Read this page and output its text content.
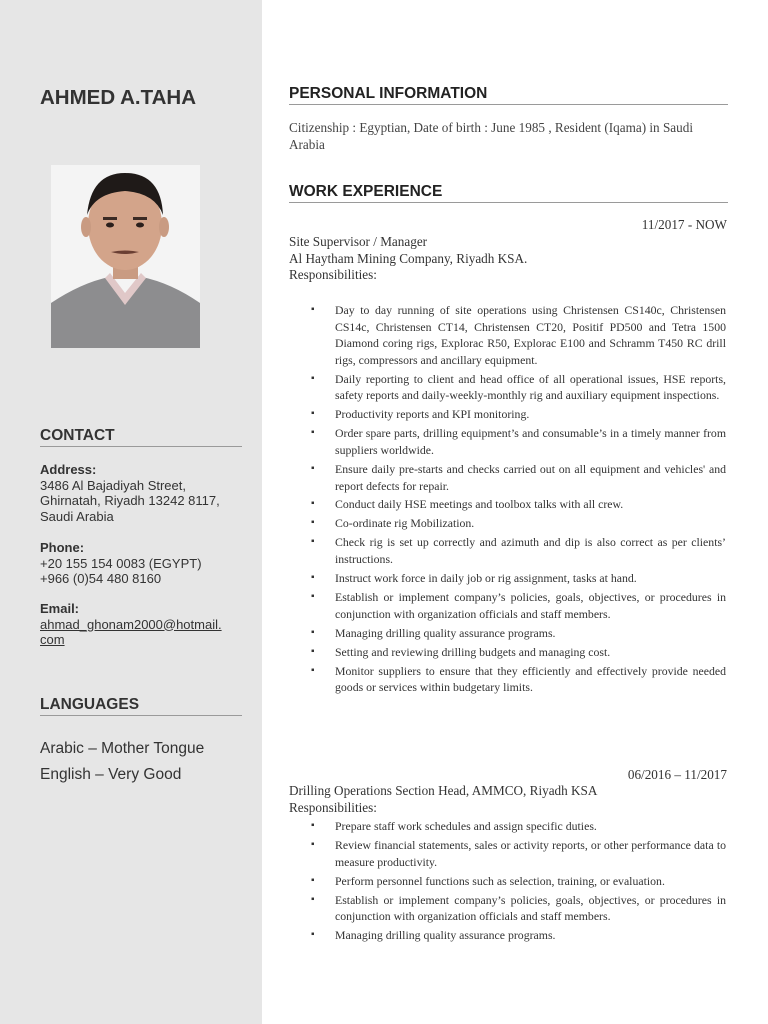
AHMED A.TAHA
CONTACT
Address:
3486 Al Bajadiyah Street,
Ghirnatah, Riyadh 13242 8117,
Saudi Arabia
Phone:
+20 155 154 0083 (EGYPT)
+966 (0)54 480 8160
Email:
ahmad_ghonam2000@hotmail.
com
LANGUAGES
Arabic – Mother Tongue
English – Very Good
PERSONAL INFORMATION

Citizenship : Egyptian, Date of birth : June 1985 , Resident (Iqama) in Saudi Arabia

WORK EXPERIENCE
11/2017 - NOW
Site Supervisor / Manager
Al Haytham Mining Company, Riyadh KSA.
Responsibilities:
▪ Day to day running of site operations using Christensen CS140c, Christensen CS14c, Christensen CT14, Christensen CT20, Positif PD500 and Tetra 1500 Diamond coring rigs, Explorac R50, Explorac E100 and Schramm T450 RC drill rigs, compressors and ancillary equipment.
▪ Daily reporting to client and head office of all operational issues, HSE reports, safety reports and daily-weekly-monthly rig and auxiliary equipment inspections.
▪ Productivity reports and KPI monitoring.
▪ Order spare parts, drilling equipment’s and consumable’s in a timely manner from suppliers worldwide.
▪ Ensure daily pre-starts and checks carried out on all equipment and vehicles' and report defects for repair.
▪ Conduct daily HSE meetings and toolbox talks with all crew.
▪ Co-ordinate rig Mobilization.
▪ Check rig is set up correctly and azimuth and dip is also correct as per clients’ instructions.
▪ Instruct work force in daily job or rig assignment, tasks at hand.
▪ Establish or implement company’s policies, goals, objectives, or procedures in conjunction with organization officials and staff members.
▪ Managing drilling quality assurance programs.
▪ Setting and reviewing drilling budgets and managing cost.
▪ Monitor suppliers to ensure that they efficiently and effectively provide needed goods or services within budgetary limits.
06/2016 – 11/2017
Drilling Operations Section Head, AMMCO, Riyadh KSA
Responsibilities:
▪ Prepare staff work schedules and assign specific duties.
▪ Review financial statements, sales or activity reports, or other performance data to measure productivity.
▪ Perform personnel functions such as selection, training, or evaluation.
▪ Establish or implement company’s policies, goals, objectives, or procedures in conjunction with organization officials and staff members.
▪ Managing drilling quality assurance programs.
